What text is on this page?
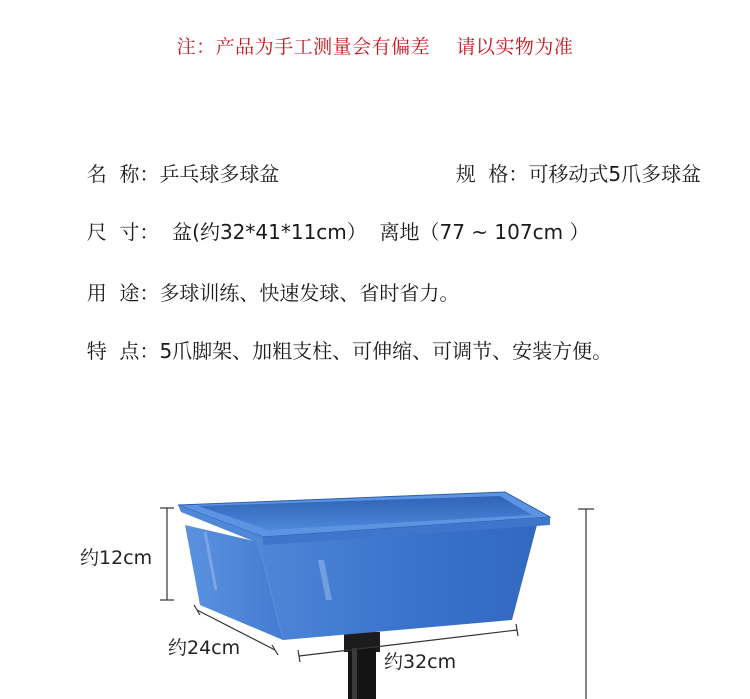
注：产品为手工测量会有偏差    请以实物为准

名  称：乒乓球多球盆	规  格：可移动式5爪多球盆

尺  寸：  盆(约32*41*11cm）  离地（77 ~ 107cm ）

用  途：多球训练、快速发球、省时省力。

特  点：5爪脚架、加粗支柱、可伸缩、可调节、安装方便。

约12cm
约24cm
约32cm
